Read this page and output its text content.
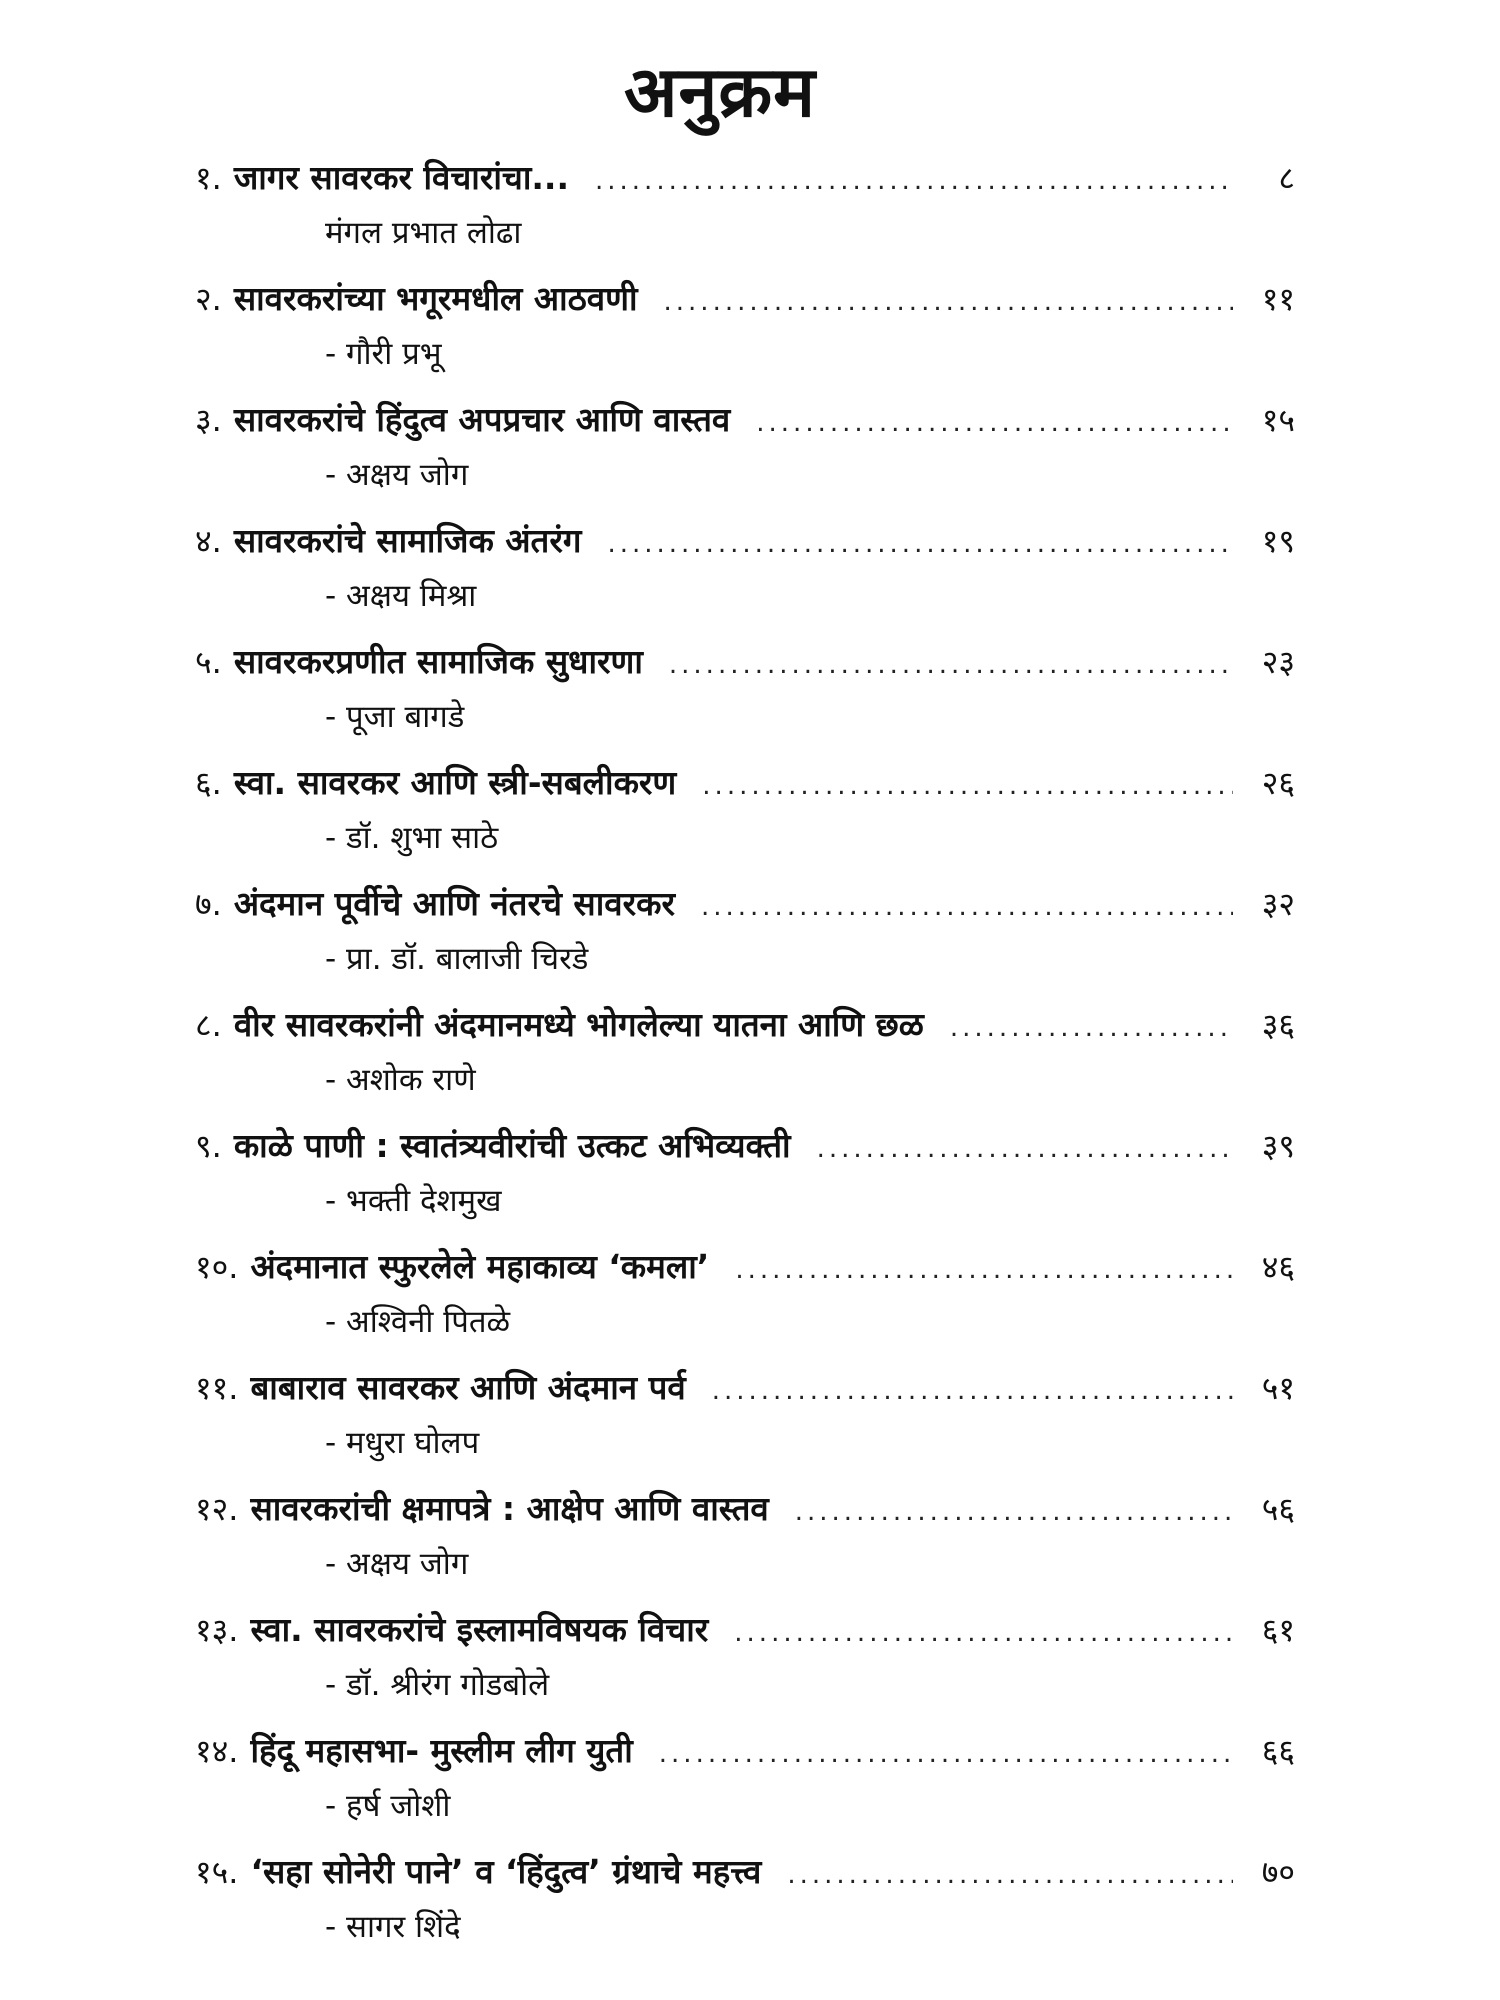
अनुक्रम
१. जागर सावरकर विचारांचा... .....	८
मंगल प्रभात लोढा
२. सावरकरांच्या भगूरमधील आठवणी .....	११
- गौरी प्रभू
३. सावरकरांचे हिंदुत्व अपप्रचार आणि वास्तव .....	१५
- अक्षय जोग
४. सावरकरांचे सामाजिक अंतरंग .....	१९
- अक्षय मिश्रा
५. सावरकरप्रणीत सामाजिक सुधारणा .....	२३
- पूजा बागडे
६. स्वा. सावरकर आणि स्त्री-सबलीकरण .....	२६
- डॉ. शुभा साठे
७. अंदमान पूर्वीचे आणि नंतरचे सावरकर .....	३२
- प्रा. डॉ. बालाजी चिरडे
८. वीर सावरकरांनी अंदमानमध्ये भोगलेल्या यातना आणि छळ .....	३६
- अशोक राणे
९. काळे पाणी : स्वातंत्र्यवीरांची उत्कट अभिव्यक्ती .....	३९
- भक्ती देशमुख
१०. अंदमानात स्फुरलेले महाकाव्य ‘कमला’ .....	४६
- अश्विनी पितळे
११. बाबाराव सावरकर आणि अंदमान पर्व .....	५१
- मधुरा घोलप
१२. सावरकरांची क्षमापत्रे : आक्षेप आणि वास्तव .....	५६
- अक्षय जोग
१३. स्वा. सावरकरांचे इस्लामविषयक विचार .....	६१
- डॉ. श्रीरंग गोडबोले
१४. हिंदू महासभा- मुस्लीम लीग युती .....	६६
- हर्ष जोशी
१५. ‘सहा सोनेरी पाने’ व ‘हिंदुत्व’ ग्रंथाचे महत्त्व .....	७०
- सागर शिंदे
